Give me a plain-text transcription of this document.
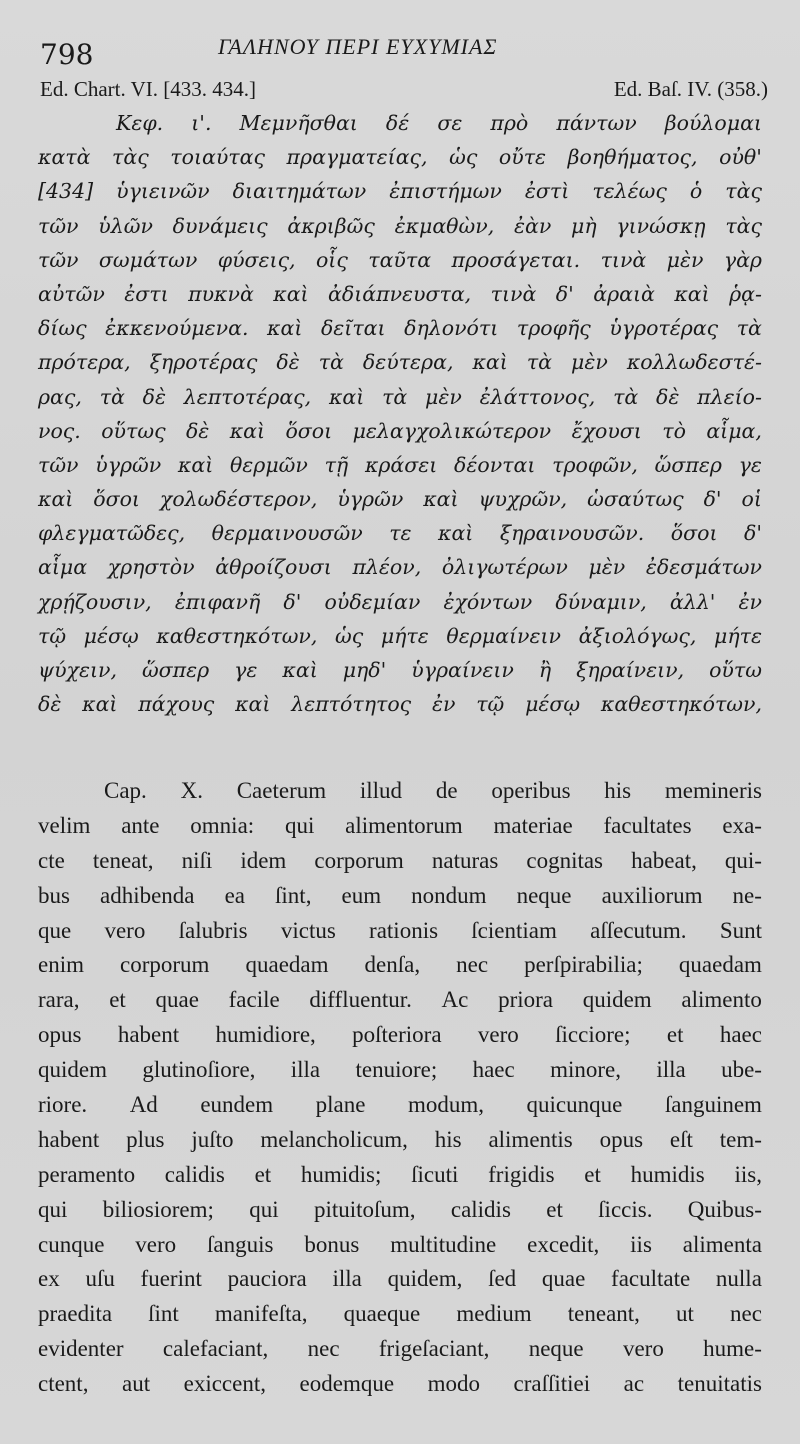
798	ΓΑΛΗΝΟΥ ΠΕΡΙ ΕΥΧΥΜΙΑΣ
Ed. Chart. VI. [433. 434.]	Ed. Baſ. IV. (358.)
Κεφ. ι'. Μεμνῆσθαι δέ σε πρὸ πάντων βούλομαι
κατὰ τὰς τοιαύτας πραγματείας, ὡς οὔτε βοηθήματος, οὐθ'
[434] ὑγιεινῶν διαιτημάτων ἐπιστήμων ἐστὶ τελέως ὁ τὰς
τῶν ὑλῶν δυνάμεις ἀκριβῶς ἐκμαθὼν, ἐὰν μὴ γινώσκῃ τὰς
τῶν σωμάτων φύσεις, οἷς ταῦτα προσάγεται. τινὰ μὲν γὰρ
αὐτῶν ἐστι πυκνὰ καὶ ἀδιάπνευστα, τινὰ δ' ἀραιὰ καὶ ῥᾳ-
δίως ἐκκενούμενα. καὶ δεῖται δηλονότι τροφῆς ὑγροτέρας τὰ
πρότερα, ξηροτέρας δὲ τὰ δεύτερα, καὶ τὰ μὲν κολλωδεστέ-
ρας, τὰ δὲ λεπτοτέρας, καὶ τὰ μὲν ἐλάττονος, τὰ δὲ πλείο-
νος. οὕτως δὲ καὶ ὅσοι μελαγχολικώτερον ἔχουσι τὸ αἷμα,
τῶν ὑγρῶν καὶ θερμῶν τῇ κράσει δέονται τροφῶν, ὥσπερ γε
καὶ ὅσοι χολωδέστερον, ὑγρῶν καὶ ψυχρῶν, ὡσαύτως δ' οἱ
φλεγματῶδες, θερμαινουσῶν τε καὶ ξηραινουσῶν. ὅσοι δ'
αἷμα χρηστὸν ἀθροίζουσι πλέον, ὀλιγωτέρων μὲν ἐδεσμάτων
χρῄζουσιν, ἐπιφανῆ δ' οὐδεμίαν ἐχόντων δύναμιν, ἀλλ' ἐν
τῷ μέσῳ καθεστηκότων, ὡς μήτε θερμαίνειν ἀξιολόγως, μήτε
ψύχειν, ὥσπερ γε καὶ μηδ' ὑγραίνειν ἢ ξηραίνειν, οὕτω
δὲ καὶ πάχους καὶ λεπτότητος ἐν τῷ μέσῳ καθεστηκότων,
Cap. X. Caeterum illud de operibus his memineris
velim ante omnia: qui alimentorum materiae facultates exa-
cte teneat, niſi idem corporum naturas cognitas habeat, qui-
bus adhibenda ea ſint, eum nondum neque auxiliorum ne-
que vero ſalubris victus rationis ſcientiam aſſecutum. Sunt
enim corporum quaedam denſa, nec perſpirabilia; quaedam
rara, et quae facile diffluentur. Ac priora quidem alimento
opus habent humidiore, poſteriora vero ſicciore; et haec
quidem glutinoſiore, illa tenuiore; haec minore, illa ube-
riore. Ad eundem plane modum, quicunque ſanguinem
habent plus juſto melancholicum, his alimentis opus eſt tem-
peramento calidis et humidis; ſicuti frigidis et humidis iis,
qui biliosiorem; qui pituitoſum, calidis et ſiccis. Quibus-
cunque vero ſanguis bonus multitudine excedit, iis alimenta
ex uſu fuerint pauciora illa quidem, ſed quae facultate nulla
praedita ſint manifeſta, quaeque medium teneant, ut nec
evidenter calefaciant, nec frigeſaciant, neque vero hume-
ctent, aut exiccent, eodemque modo craſſitiei ac tenuitatis
